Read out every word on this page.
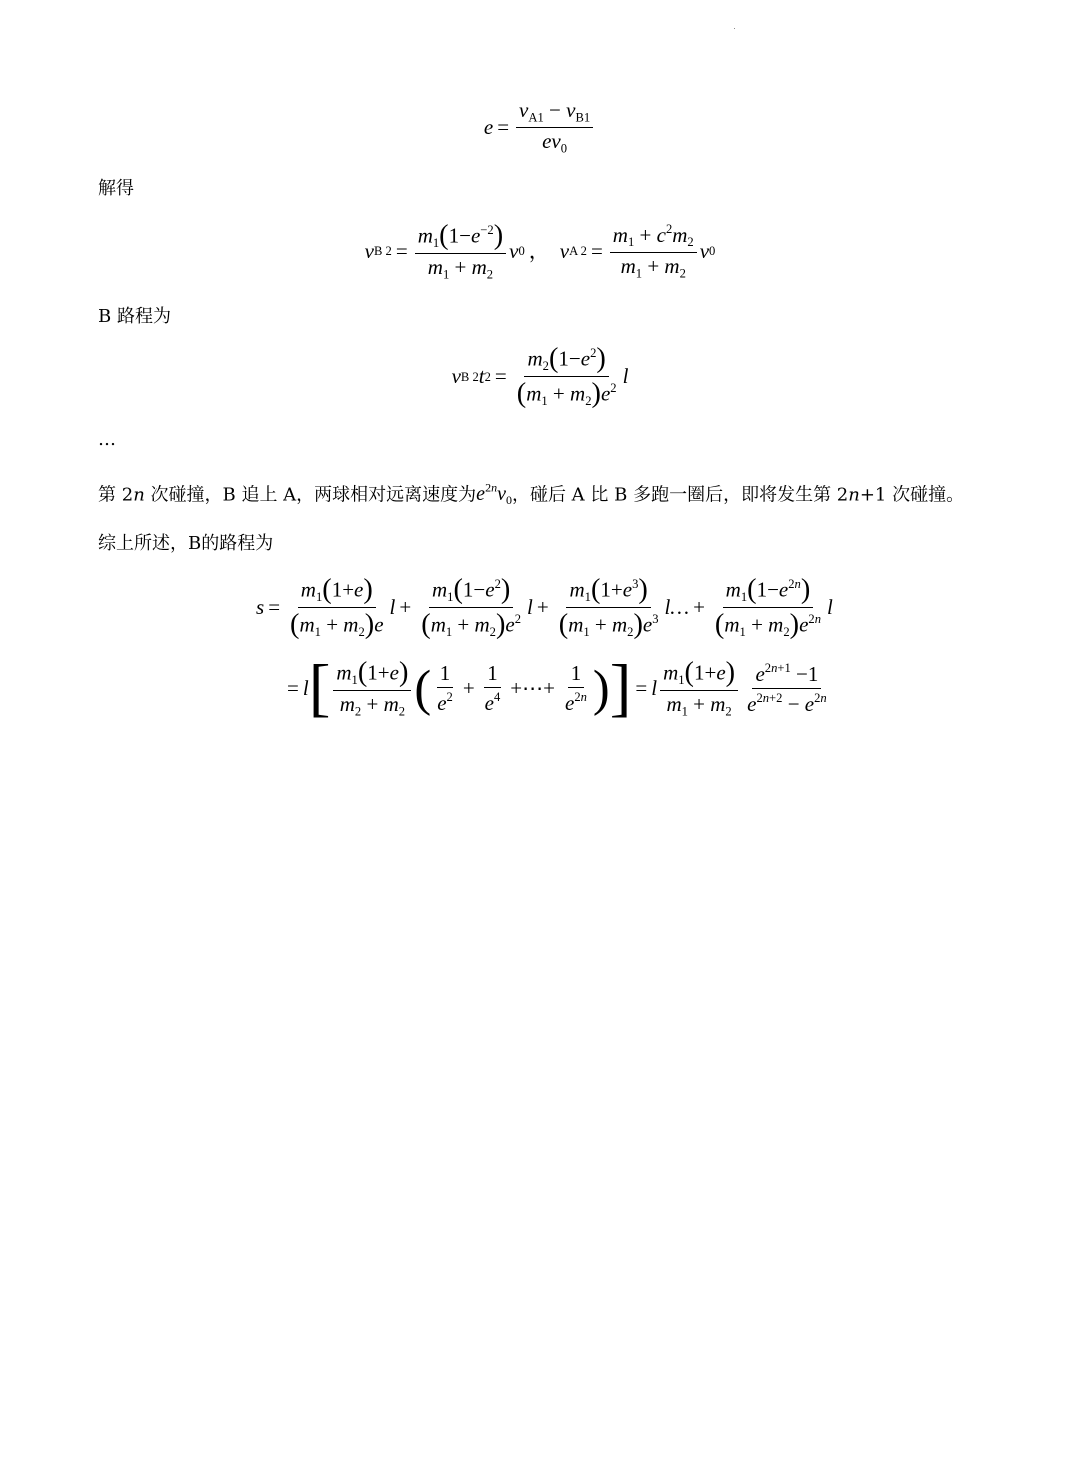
$e = \frac{v_{A1} - v_{B1}}{ev_0}$
解得
v B $2 = \frac{m_1(1-e^{-2})}{m_1 + m_2}$ v 0 ， v A $2 = \frac{m_1 + c^2m_2}{m_1 + m_2}$ v 0
B 路程为
v B 2 t $2 = \frac{m_2(1-e^2)}{(m_1 + m_2)e^2}$ l
…
第 2n 次碰撞，B 追上 A，两球相对远离速度为$e^{2n}v_0$，碰后 A 比 B 多跑一圈后，即将发生第 2n+1 次碰撞。
综上所述，B的路程为
$s = \frac{m_1(1+e)}{(m_1 + m_2)e}$ $l + \frac{m_1(1-e^2)}{(m_1 + m_2)e^2}$ $l + \frac{m_1(1+e^3)}{(m_1 + m_2)e^3}$ l… + $\frac{m_1(1-e^{2n})}{(m_1 + m_2)e^{2n}}$ l
= l [ $\frac{m_1(1+e)}{m_2 + m_2}$ ( $\frac{1}{e^2} + \frac{1}{e^4}$ +⋯+ $\frac{1}{e^{2n}}$ ) ] = l $\frac{m_1(1+e)}{m_1 + m_2} \frac{e^{2n+1} -1}{e^{2n+2} - e^{2n}}$
